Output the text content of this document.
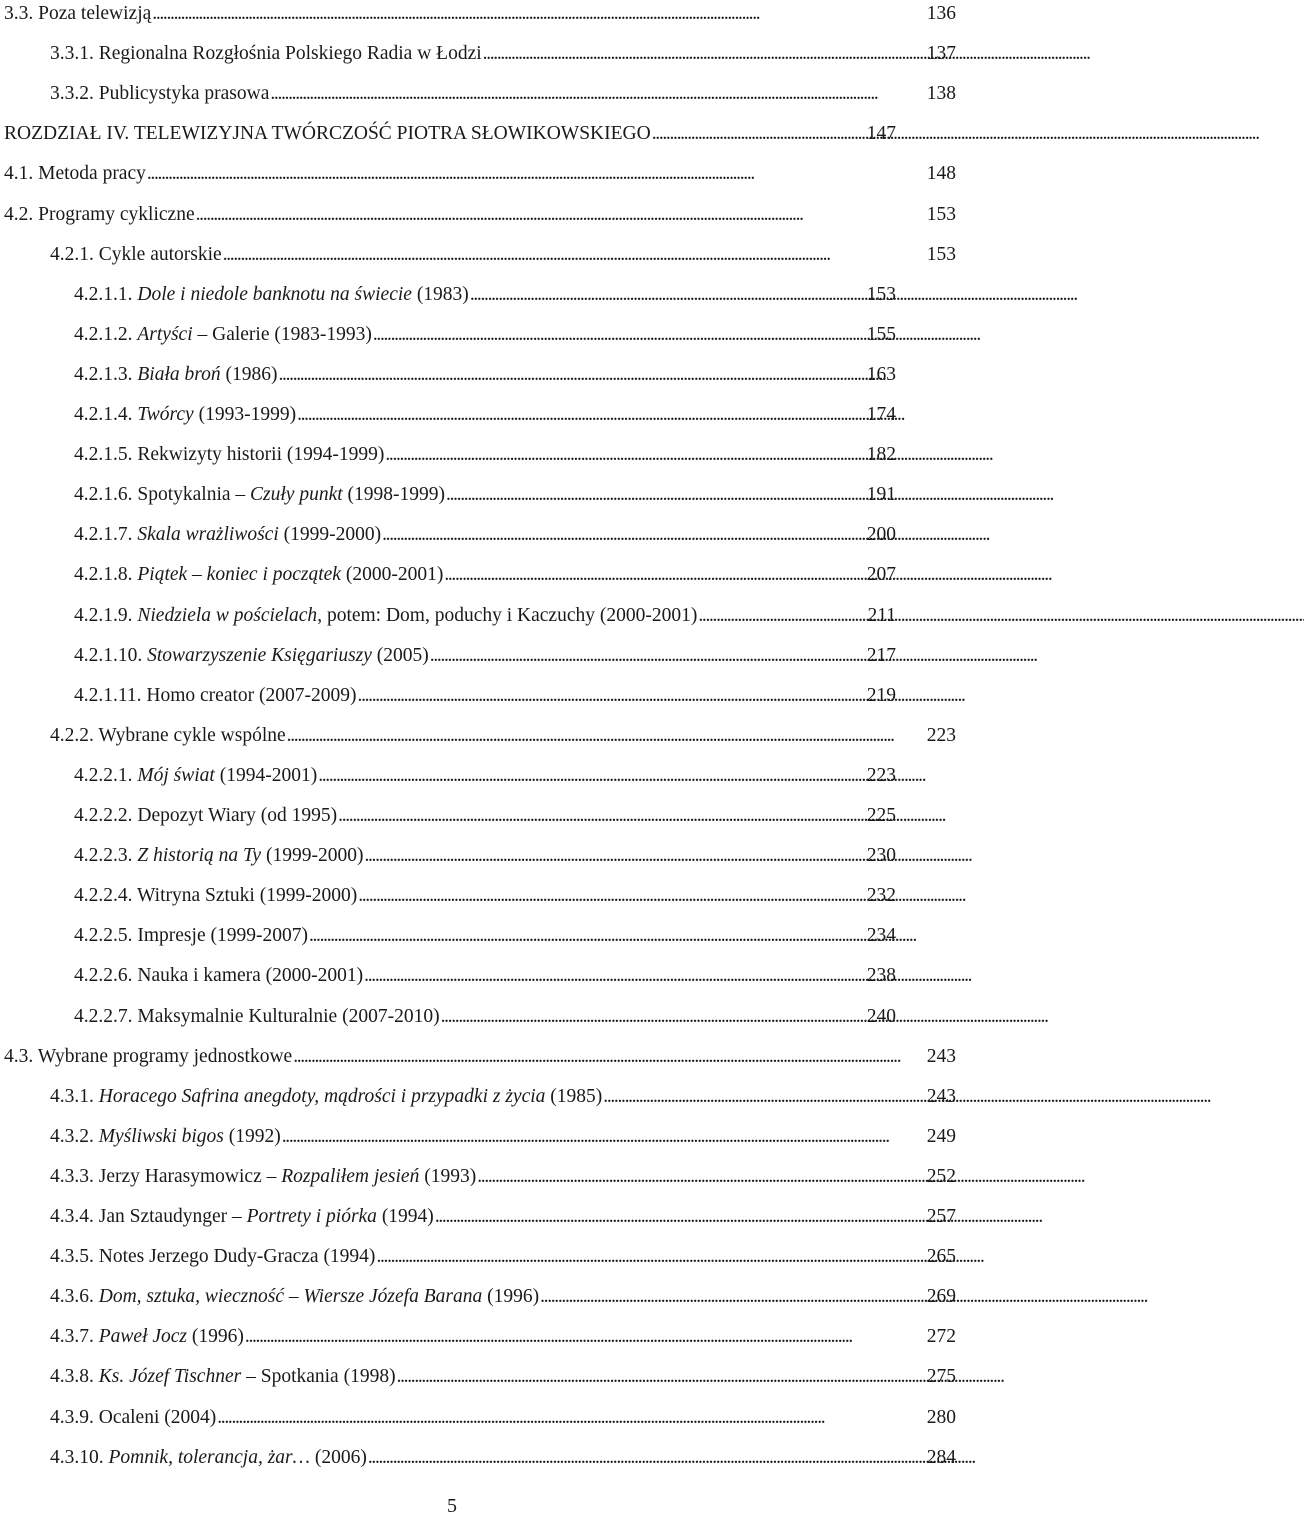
3.3. Poza telewizją . . .	136
3.3.1. Regionalna Rozgłośnia Polskiego Radia w Łodzi . . .	137
3.3.2. Publicystyka prasowa . . .	138
ROZDZIAŁ IV. TELEWIZYJNA TWÓRCZOŚĆ PIOTRA SŁOWIKOWSKIEGO . . .	147
4.1. Metoda pracy . . .	148
4.2. Programy cykliczne . . .	153
4.2.1. Cykle autorskie . . .	153
4.2.1.1. Dole i niedole banknotu na świecie (1983) . . .	153
4.2.1.2. Artyści – Galerie (1983-1993) . . .	155
4.2.1.3. Biała broń (1986) . . .	163
4.2.1.4. Twórcy (1993-1999) . . .	174
4.2.1.5. Rekwizyty historii (1994-1999) . . .	182
4.2.1.6. Spotykalnia – Czuły punkt (1998-1999) . . .	191
4.2.1.7. Skala wrażliwości (1999-2000) . . .	200
4.2.1.8. Piątek – koniec i początek (2000-2001) . . .	207
4.2.1.9. Niedziela w pościelach, potem: Dom, poduchy i Kaczuchy (2000-2001) . . .	211
4.2.1.10. Stowarzyszenie Księgariuszy (2005) . . .	217
4.2.1.11. Homo creator (2007-2009) . . .	219
4.2.2. Wybrane cykle wspólne . . .	223
4.2.2.1. Mój świat (1994-2001) . . .	223
4.2.2.2. Depozyt Wiary (od 1995) . . .	225
4.2.2.3. Z historią na Ty (1999-2000) . . .	230
4.2.2.4. Witryna Sztuki (1999-2000) . . .	232
4.2.2.5. Impresje (1999-2007) . . .	234
4.2.2.6. Nauka i kamera (2000-2001) . . .	238
4.2.2.7. Maksymalnie Kulturalnie (2007-2010) . . .	240
4.3. Wybrane programy jednostkowe . . .	243
4.3.1. Horacego Safrina anegdoty, mądrości i przypadki z życia (1985) . . .	243
4.3.2. Myśliwski bigos (1992) . . .	249
4.3.3. Jerzy Harasymowicz – Rozpaliłem jesień (1993) . . .	252
4.3.4. Jan Sztaudynger – Portrety i piórka (1994) . . .	257
4.3.5. Notes Jerzego Dudy-Gracza (1994) . . .	265
4.3.6. Dom, sztuka, wieczność – Wiersze Józefa Barana (1996) . . .	269
4.3.7. Paweł Jocz (1996) . . .	272
4.3.8. Ks. Józef Tischner – Spotkania (1998) . . .	275
4.3.9. Ocaleni (2004) . . .	280
4.3.10. Pomnik, tolerancja, żar… (2006) . . .	284
5
